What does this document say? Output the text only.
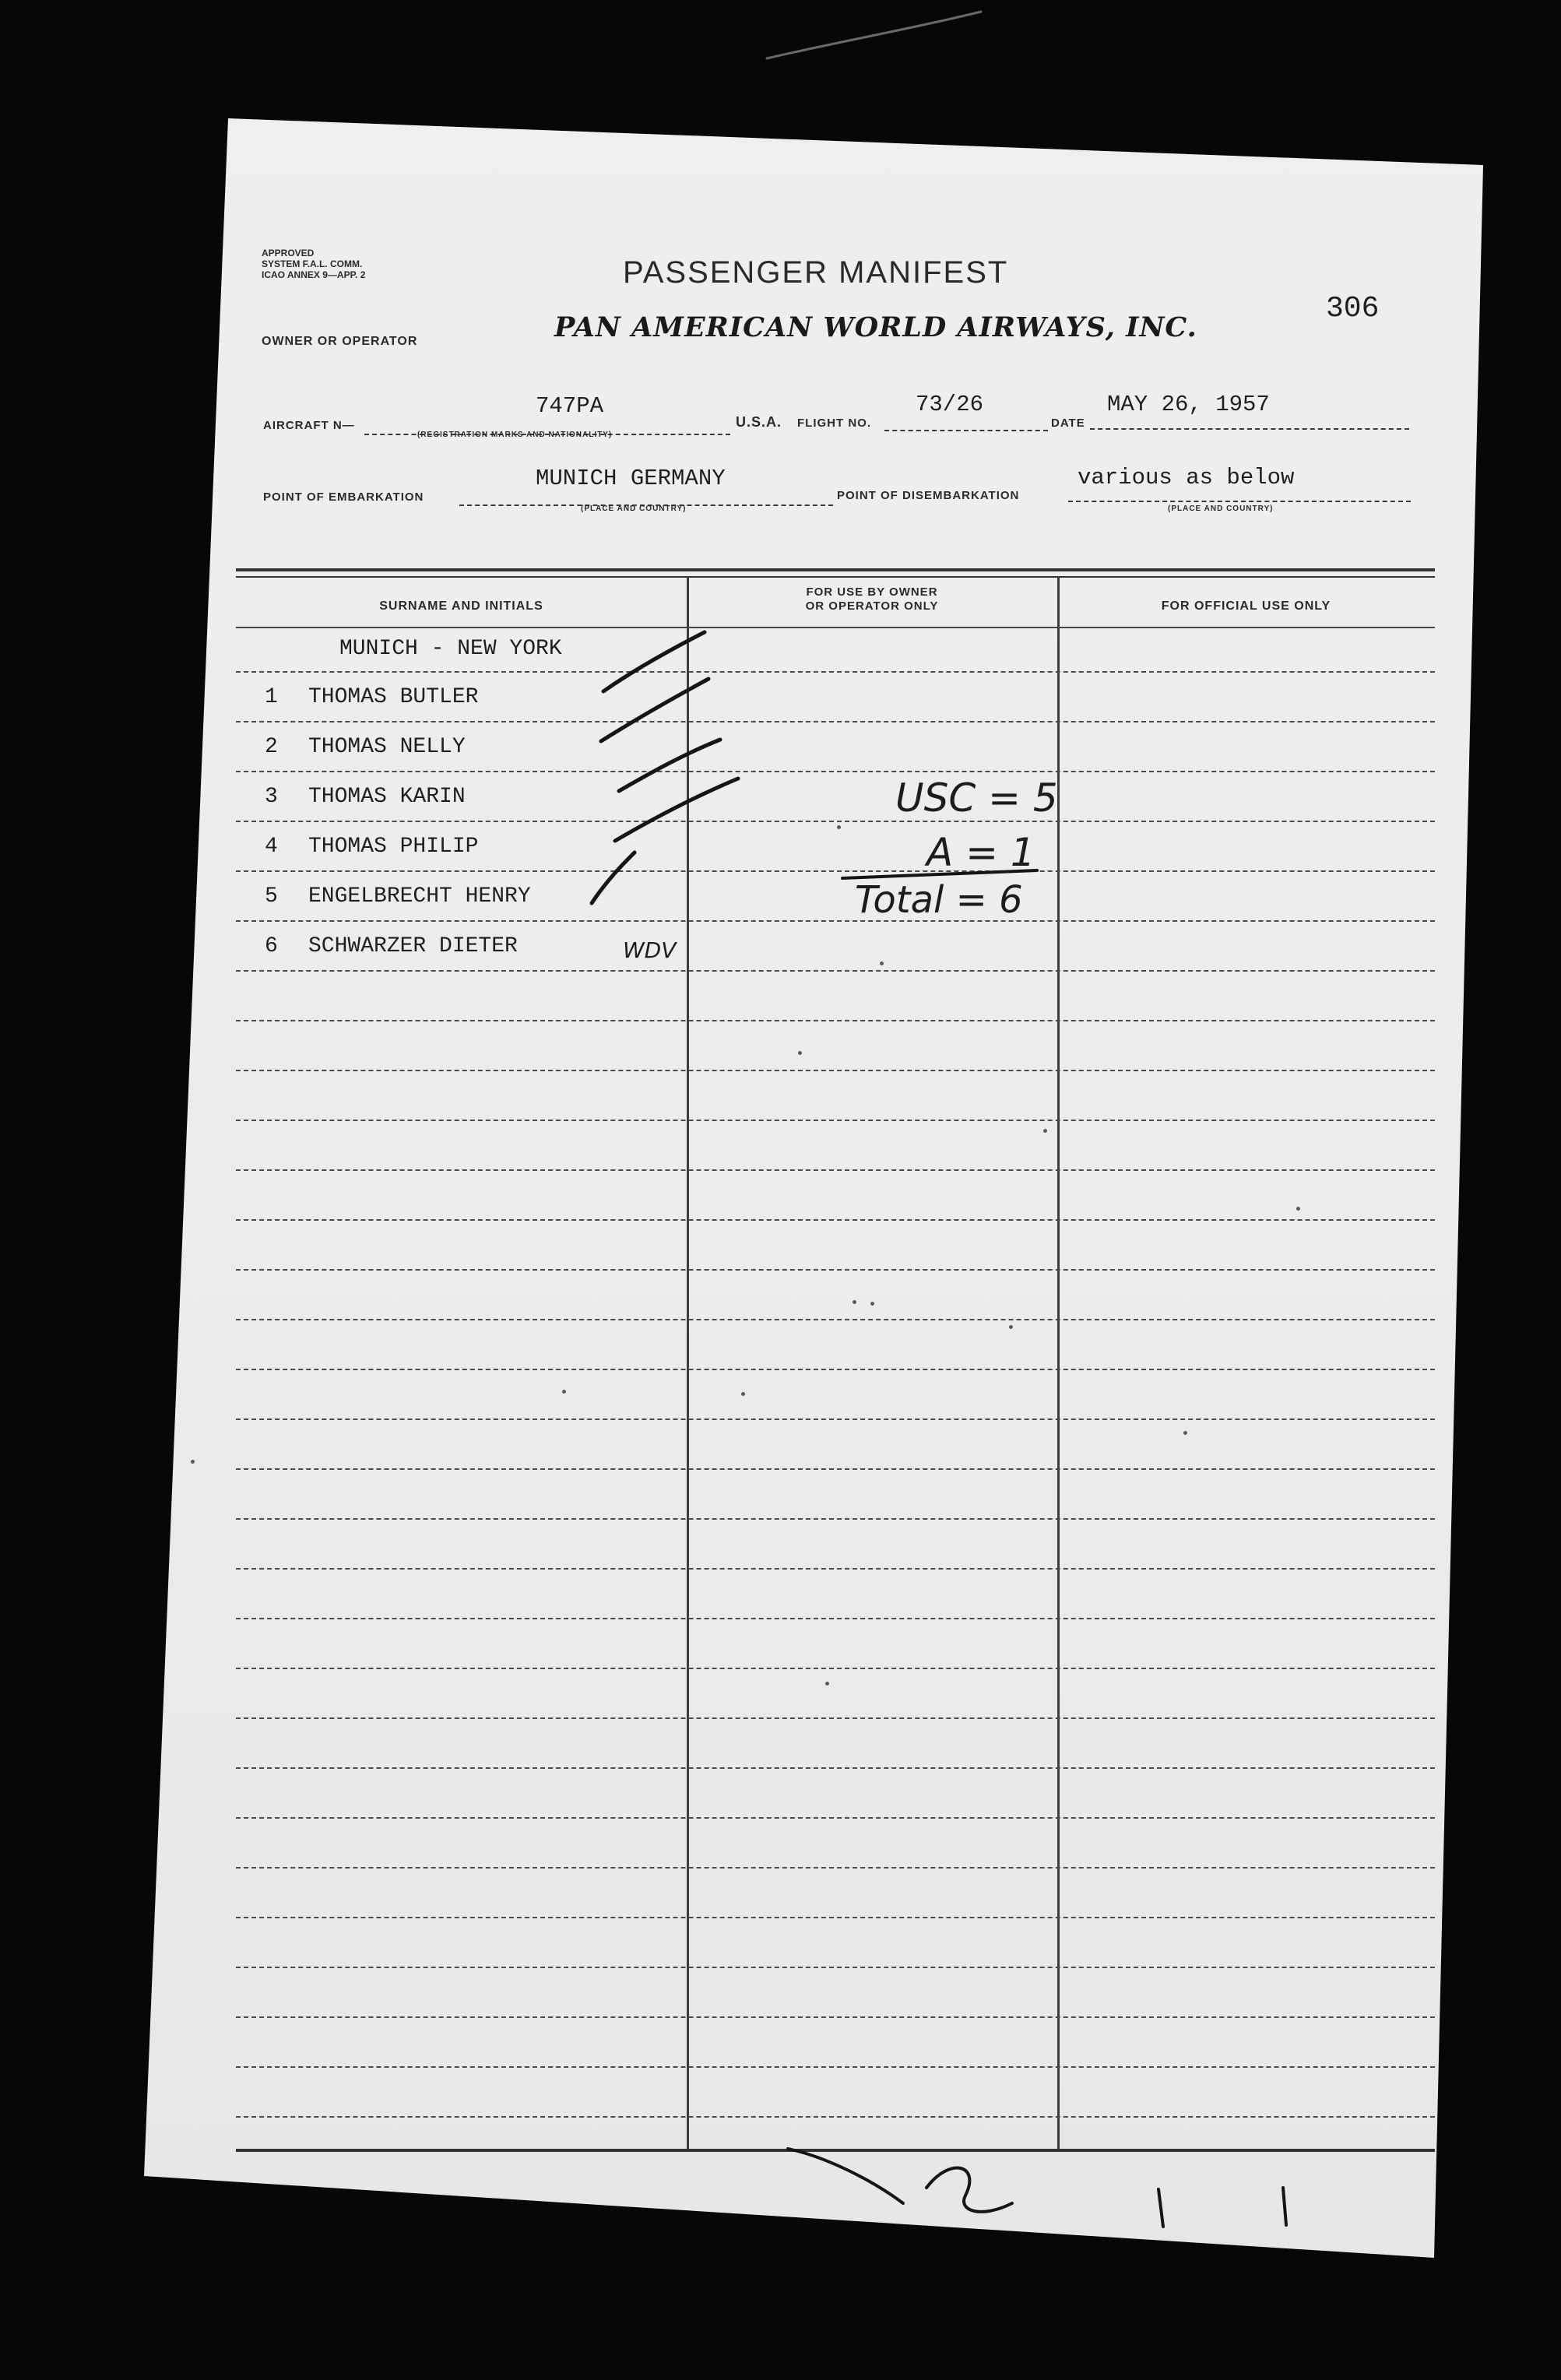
APPROVED
SYSTEM F.A.L. COMM.
ICAO ANNEX 9—APP. 2	PASSENGER MANIFEST
OWNER OR OPERATOR	PAN AMERICAN WORLD AIRWAYS, INC.
306
AIRCRAFT N—
747PA
(REGISTRATION MARKS AND NATIONALITY)
U.S.A. FLIGHT NO.
73/26
DATE
MAY 26, 1957
POINT OF EMBARKATION
MUNICH GERMANY
(PLACE AND COUNTRY)
POINT OF DISEMBARKATION
various as below
(PLACE AND COUNTRY)
SURNAME AND INITIALS
FOR USE BY OWNER
OR OPERATOR ONLY	FOR OFFICIAL USE ONLY
MUNICH - NEW YORK
1 THOMAS BUTLER
2 THOMAS NELLY
3 THOMAS KARIN
4 THOMAS PHILIP
5 ENGELBRECHT HENRY
6 SCHWARZER DIETER	WDV
USC = 5
A = 1
Total = 6
